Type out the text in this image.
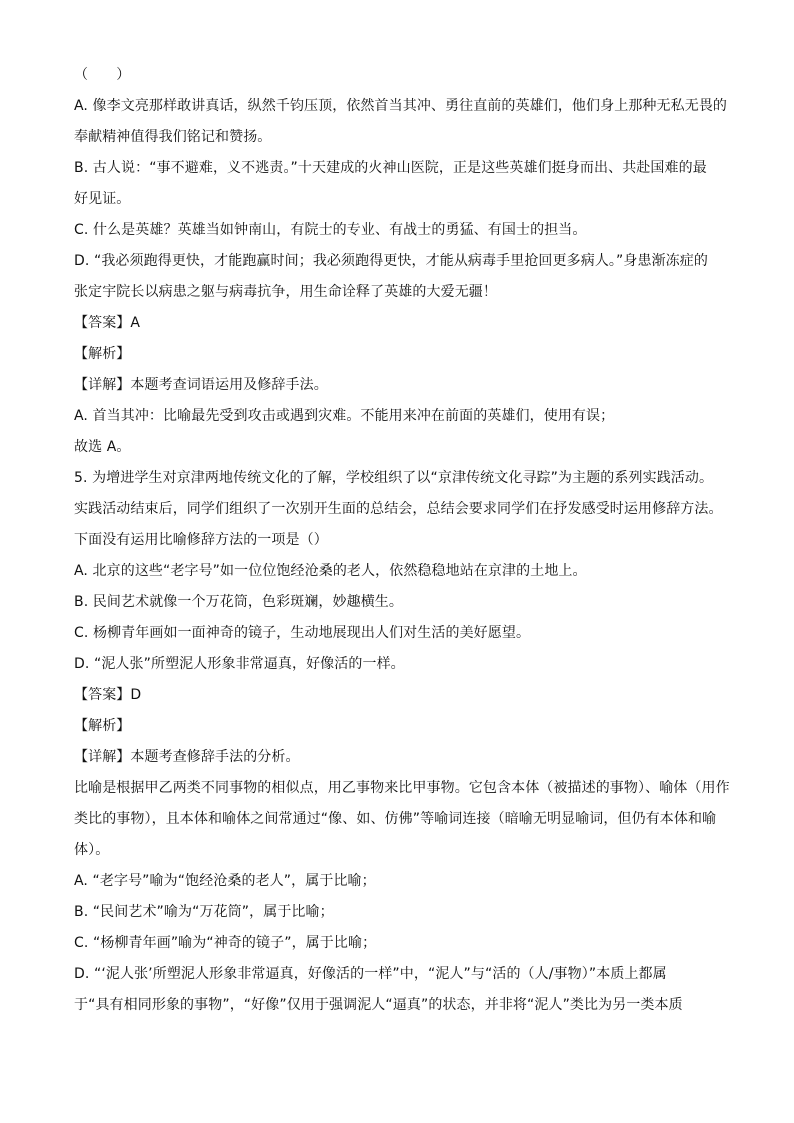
（　　）
A. 像李文亮那样敢讲真话，纵然千钧压顶，依然首当其冲、勇往直前的英雄们，他们身上那种无私无畏的
奉献精神值得我们铭记和赞扬。
B. 古人说：“事不避难，义不逃责。”十天建成的火神山医院，正是这些英雄们挺身而出、共赴国难的最
好见证。
C. 什么是英雄？英雄当如钟南山，有院士的专业、有战士的勇猛、有国士的担当。
D. “我必须跑得更快，才能跑赢时间；我必须跑得更快，才能从病毒手里抢回更多病人。”身患渐冻症的
张定宇院长以病患之躯与病毒抗争，用生命诠释了英雄的大爱无疆！
【答案】A
【解析】
【详解】本题考查词语运用及修辞手法。
A. 首当其冲：比喻最先受到攻击或遇到灾难。不能用来冲在前面的英雄们，使用有误；
故选 A。
5. 为增进学生对京津两地传统文化的了解，学校组织了以“京津传统文化寻踪”为主题的系列实践活动。
实践活动结束后，同学们组织了一次别开生面的总结会，总结会要求同学们在抒发感受时运用修辞方法。
下面没有运用比喻修辞方法的一项是（）
A. 北京的这些“老字号”如一位位饱经沧桑的老人，依然稳稳地站在京津的土地上。
B. 民间艺术就像一个万花筒，色彩斑斓，妙趣横生。
C. 杨柳青年画如一面神奇的镜子，生动地展现出人们对生活的美好愿望。
D. “泥人张”所塑泥人形象非常逼真，好像活的一样。
【答案】D
【解析】
【详解】本题考查修辞手法的分析。
比喻是根据甲乙两类不同事物的相似点，用乙事物来比甲事物。它包含本体（被描述的事物）、喻体（用作
类比的事物），且本体和喻体之间常通过“像、如、仿佛”等喻词连接（暗喻无明显喻词，但仍有本体和喻
体）。
A. “老字号”喻为“饱经沧桑的老人”，属于比喻；
B. “民间艺术”喻为“万花筒”，属于比喻；
C. “杨柳青年画”喻为“神奇的镜子”，属于比喻；
D. “‘泥人张’所塑泥人形象非常逼真，好像活的一样”中，“泥人”与“活的（人/事物）”本质上都属
于“具有相同形象的事物”，“好像”仅用于强调泥人“逼真”的状态，并非将“泥人”类比为另一类本质
